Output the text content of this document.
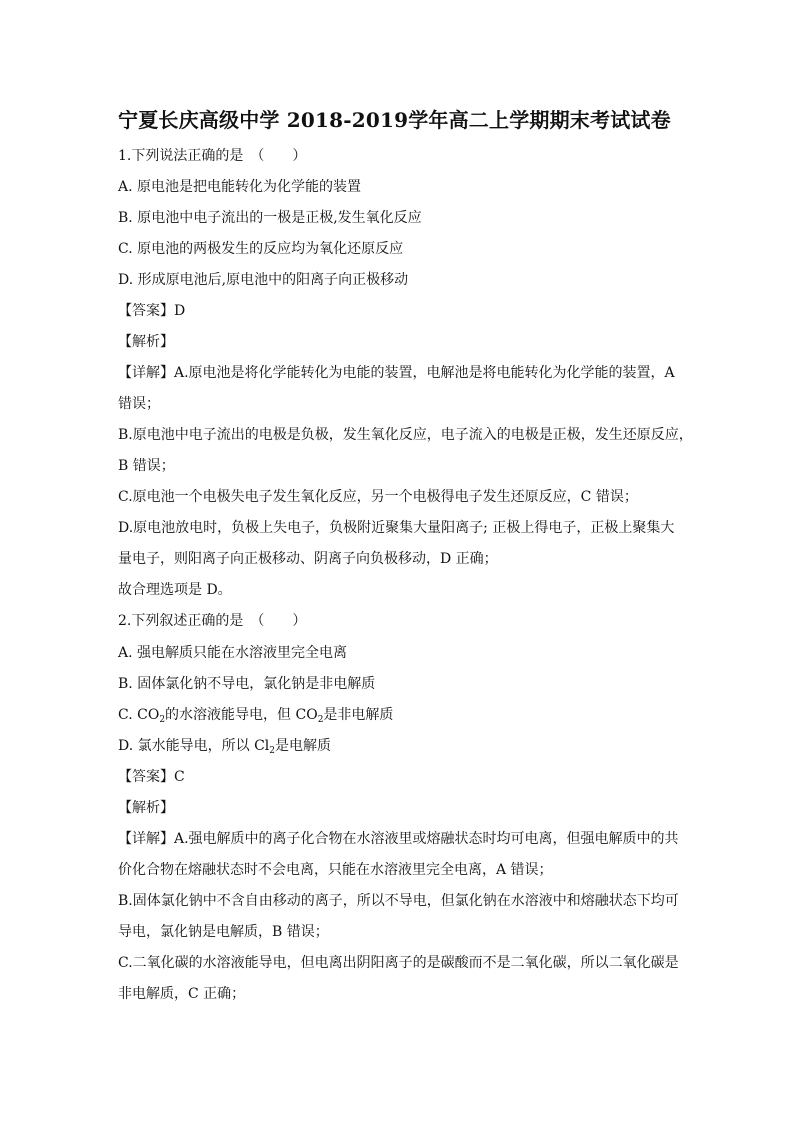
宁夏长庆高级中学 2018-2019学年高二上学期期末考试试卷
1.下列说法正确的是　（　　）
A. 原电池是把电能转化为化学能的装置
B. 原电池中电子流出的一极是正极,发生氧化反应
C. 原电池的两极发生的反应均为氧化还原反应
D. 形成原电池后,原电池中的阳离子向正极移动
【答案】D
【解析】
【详解】A.原电池是将化学能转化为电能的装置，电解池是将电能转化为化学能的装置，A
错误；
B.原电池中电子流出的电极是负极，发生氧化反应，电子流入的电极是正极，发生还原反应，
B 错误；
C.原电池一个电极失电子发生氧化反应，另一个电极得电子发生还原反应，C 错误；
D.原电池放电时，负极上失电子，负极附近聚集大量阳离子; 正极上得电子，正极上聚集大
量电子，则阳离子向正极移动、阴离子向负极移动，D 正确；
故合理选项是 D。
2.下列叙述正确的是　（　　）
A. 强电解质只能在水溶液里完全电离
B. 固体氯化钠不导电，氯化钠是非电解质
C. $CO_2$的水溶液能导电，但 $CO_2$是非电解质
D. 氯水能导电，所以 $Cl_2$是电解质
【答案】C
【解析】
【详解】A.强电解质中的离子化合物在水溶液里或熔融状态时均可电离，但强电解质中的共
价化合物在熔融状态时不会电离，只能在水溶液里完全电离，A 错误；
B.固体氯化钠中不含自由移动的离子，所以不导电，但氯化钠在水溶液中和熔融状态下均可
导电，氯化钠是电解质，B 错误；
C.二氧化碳的水溶液能导电，但电离出阴阳离子的是碳酸而不是二氧化碳，所以二氧化碳是
非电解质，C 正确；
